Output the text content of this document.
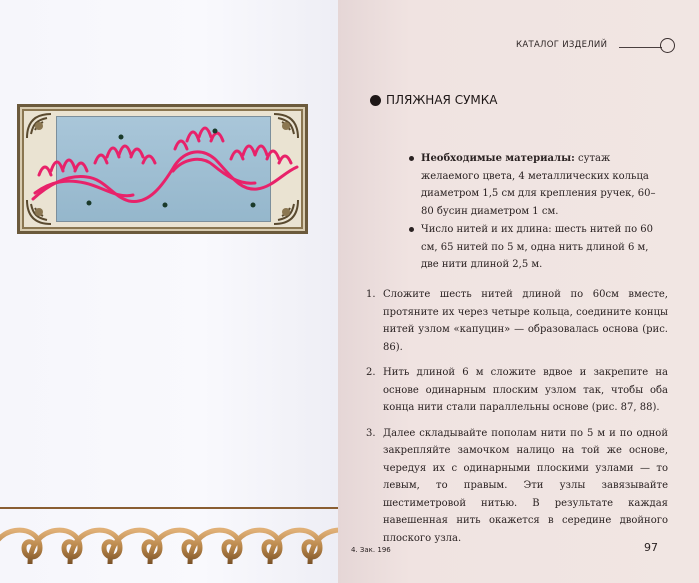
КАТАЛОГ ИЗДЕЛИЙ
ПЛЯЖНАЯ СУМКА
Необходимые материалы: сутаж желаемого цвета, 4 металлических кольца диаметром 1,5 см для крепления ручек, 60–80 бусин диаметром 1 см.
Число нитей и их длина: шесть нитей по 60 см, 65 нитей по 5 м, одна нить длиной 6 м, две нити длиной 2,5 м.
1. Сложите шесть нитей длиной по 60см вместе, протяните их через четыре кольца, соедините концы нитей узлом «капуцин» — образовалась основа (рис. 86).
2. Нить длиной 6 м сложите вдвое и закрепите на основе одинарным плоским узлом так, чтобы оба конца нити стали параллельны основе (рис. 87, 88).
3. Далее складывайте пополам нити по 5 м и по одной закрепляйте замочком налицо на той же основе, чередуя их с одинарными плоскими узлами — то левым, то правым. Эти узлы завязывайте шестиметровой нитью. В результате каждая навешенная нить окажется в середине двойного плоского узла.
4. Зак. 196	97
